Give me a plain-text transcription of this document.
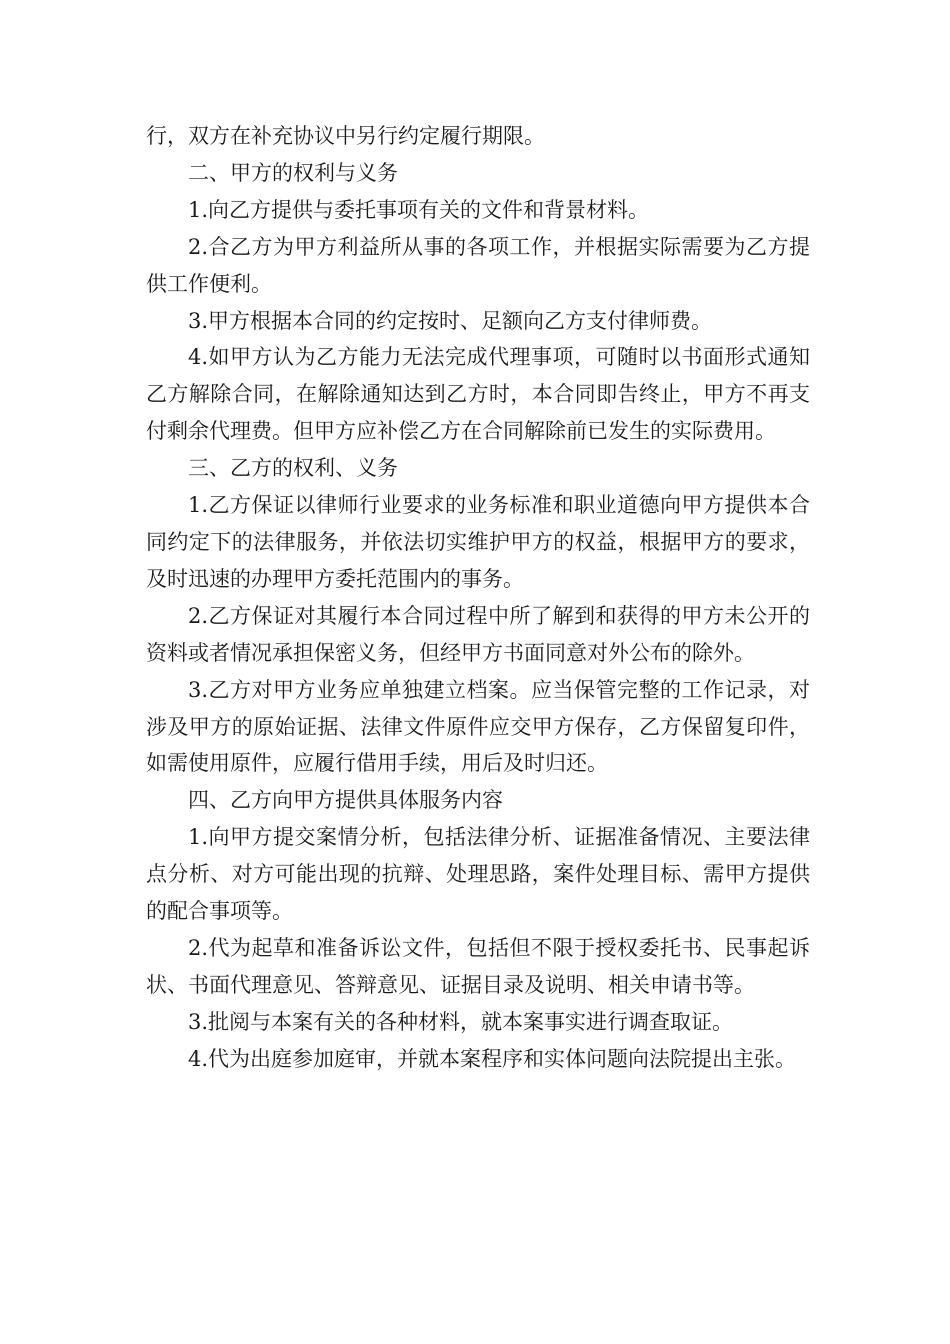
行，双方在补充协议中另行约定履行期限。

二、甲方的权利与义务

1.向乙方提供与委托事项有关的文件和背景材料。

2.合乙方为甲方利益所从事的各项工作，并根据实际需要为乙方提供工作便利。

3.甲方根据本合同的约定按时、足额向乙方支付律师费。

4.如甲方认为乙方能力无法完成代理事项，可随时以书面形式通知乙方解除合同，在解除通知达到乙方时，本合同即告终止，甲方不再支付剩余代理费。但甲方应补偿乙方在合同解除前已发生的实际费用。

三、乙方的权利、义务

1.乙方保证以律师行业要求的业务标准和职业道德向甲方提供本合同约定下的法律服务，并依法切实维护甲方的权益，根据甲方的要求，及时迅速的办理甲方委托范围内的事务。

2.乙方保证对其履行本合同过程中所了解到和获得的甲方未公开的资料或者情况承担保密义务，但经甲方书面同意对外公布的除外。

3.乙方对甲方业务应单独建立档案。应当保管完整的工作记录，对涉及甲方的原始证据、法律文件原件应交甲方保存，乙方保留复印件，如需使用原件，应履行借用手续，用后及时归还。

四、乙方向甲方提供具体服务内容

1.向甲方提交案情分析，包括法律分析、证据准备情况、主要法律点分析、对方可能出现的抗辩、处理思路，案件处理目标、需甲方提供的配合事项等。

2.代为起草和准备诉讼文件，包括但不限于授权委托书、民事起诉状、书面代理意见、答辩意见、证据目录及说明、相关申请书等。

3.批阅与本案有关的各种材料，就本案事实进行调查取证。

4.代为出庭参加庭审，并就本案程序和实体问题向法院提出主张。
